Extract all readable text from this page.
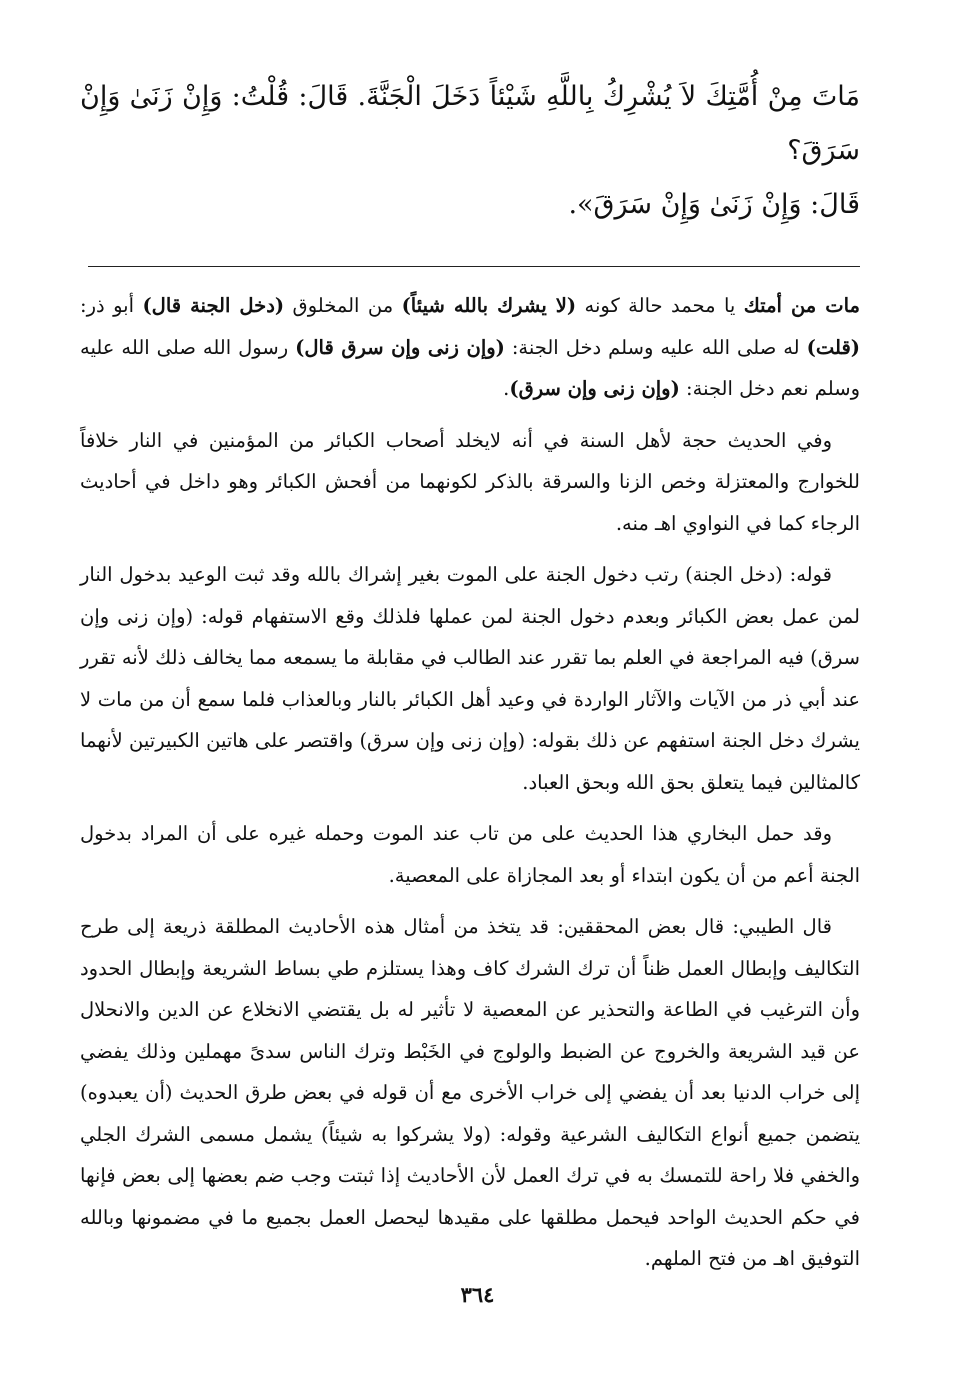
مَاتَ مِنْ أُمَّتِكَ لاَ يُشْرِكُ بِاللَّهِ شَيْئاً دَخَلَ الْجَنَّةَ. قَالَ: قُلْتُ: وَإِنْ زَنَىٰ وَإِنْ سَرَقَ؟
قَالَ: وَإِنْ زَنَىٰ وَإِنْ سَرَقَ».

مات من أمتك يا محمد حالة كونه (لا يشرك بالله شيئاً) من المخلوق (دخل الجنة قال) أبو ذر: (قلت) له صلى الله عليه وسلم دخل الجنة: (وإن زنى وإن سرق قال) رسول الله صلى الله عليه وسلم نعم دخل الجنة: (وإن زنى وإن سرق).

وفي الحديث حجة لأهل السنة في أنه لايخلد أصحاب الكبائر من المؤمنين في النار خلافاً للخوارج والمعتزلة وخص الزنا والسرقة بالذكر لكونهما من أفحش الكبائر وهو داخل في أحاديث الرجاء كما في النواوي اهـ منه.

قوله: (دخل الجنة) رتب دخول الجنة على الموت بغير إشراك بالله وقد ثبت الوعيد بدخول النار لمن عمل بعض الكبائر وبعدم دخول الجنة لمن عملها فلذلك وقع الاستفهام قوله: (وإن زنى وإن سرق) فيه المراجعة في العلم بما تقرر عند الطالب في مقابلة ما يسمعه مما يخالف ذلك لأنه تقرر عند أبي ذر من الآيات والآثار الواردة في وعيد أهل الكبائر بالنار وبالعذاب فلما سمع أن من مات لا يشرك دخل الجنة استفهم عن ذلك بقوله: (وإن زنى وإن سرق) واقتصر على هاتين الكبيرتين لأنهما كالمثالين فيما يتعلق بحق الله وبحق العباد.

وقد حمل البخاري هذا الحديث على من تاب عند الموت وحمله غيره على أن المراد بدخول الجنة أعم من أن يكون ابتداء أو بعد المجازاة على المعصية.

قال الطيبي: قال بعض المحققين: قد يتخذ من أمثال هذه الأحاديث المطلقة ذريعة إلى طرح التكاليف وإبطال العمل ظناً أن ترك الشرك كاف وهذا يستلزم طي بساط الشريعة وإبطال الحدود وأن الترغيب في الطاعة والتحذير عن المعصية لا تأثير له بل يقتضي الانخلاع عن الدين والانحلال عن قيد الشريعة والخروج عن الضبط والولوج في الخَبْط وترك الناس سدىً مهملين وذلك يفضي إلى خراب الدنيا بعد أن يفضي إلى خراب الأخرى مع أن قوله في بعض طرق الحديث (أن يعبدوه) يتضمن جميع أنواع التكاليف الشرعية وقوله: (ولا يشركوا به شيئاً) يشمل مسمى الشرك الجلي والخفي فلا راحة للتمسك به في ترك العمل لأن الأحاديث إذا ثبتت وجب ضم بعضها إلى بعض فإنها في حكم الحديث الواحد فيحمل مطلقها على مقيدها ليحصل العمل بجميع ما في مضمونها وبالله التوفيق اهـ من فتح الملهم.

٣٦٤
